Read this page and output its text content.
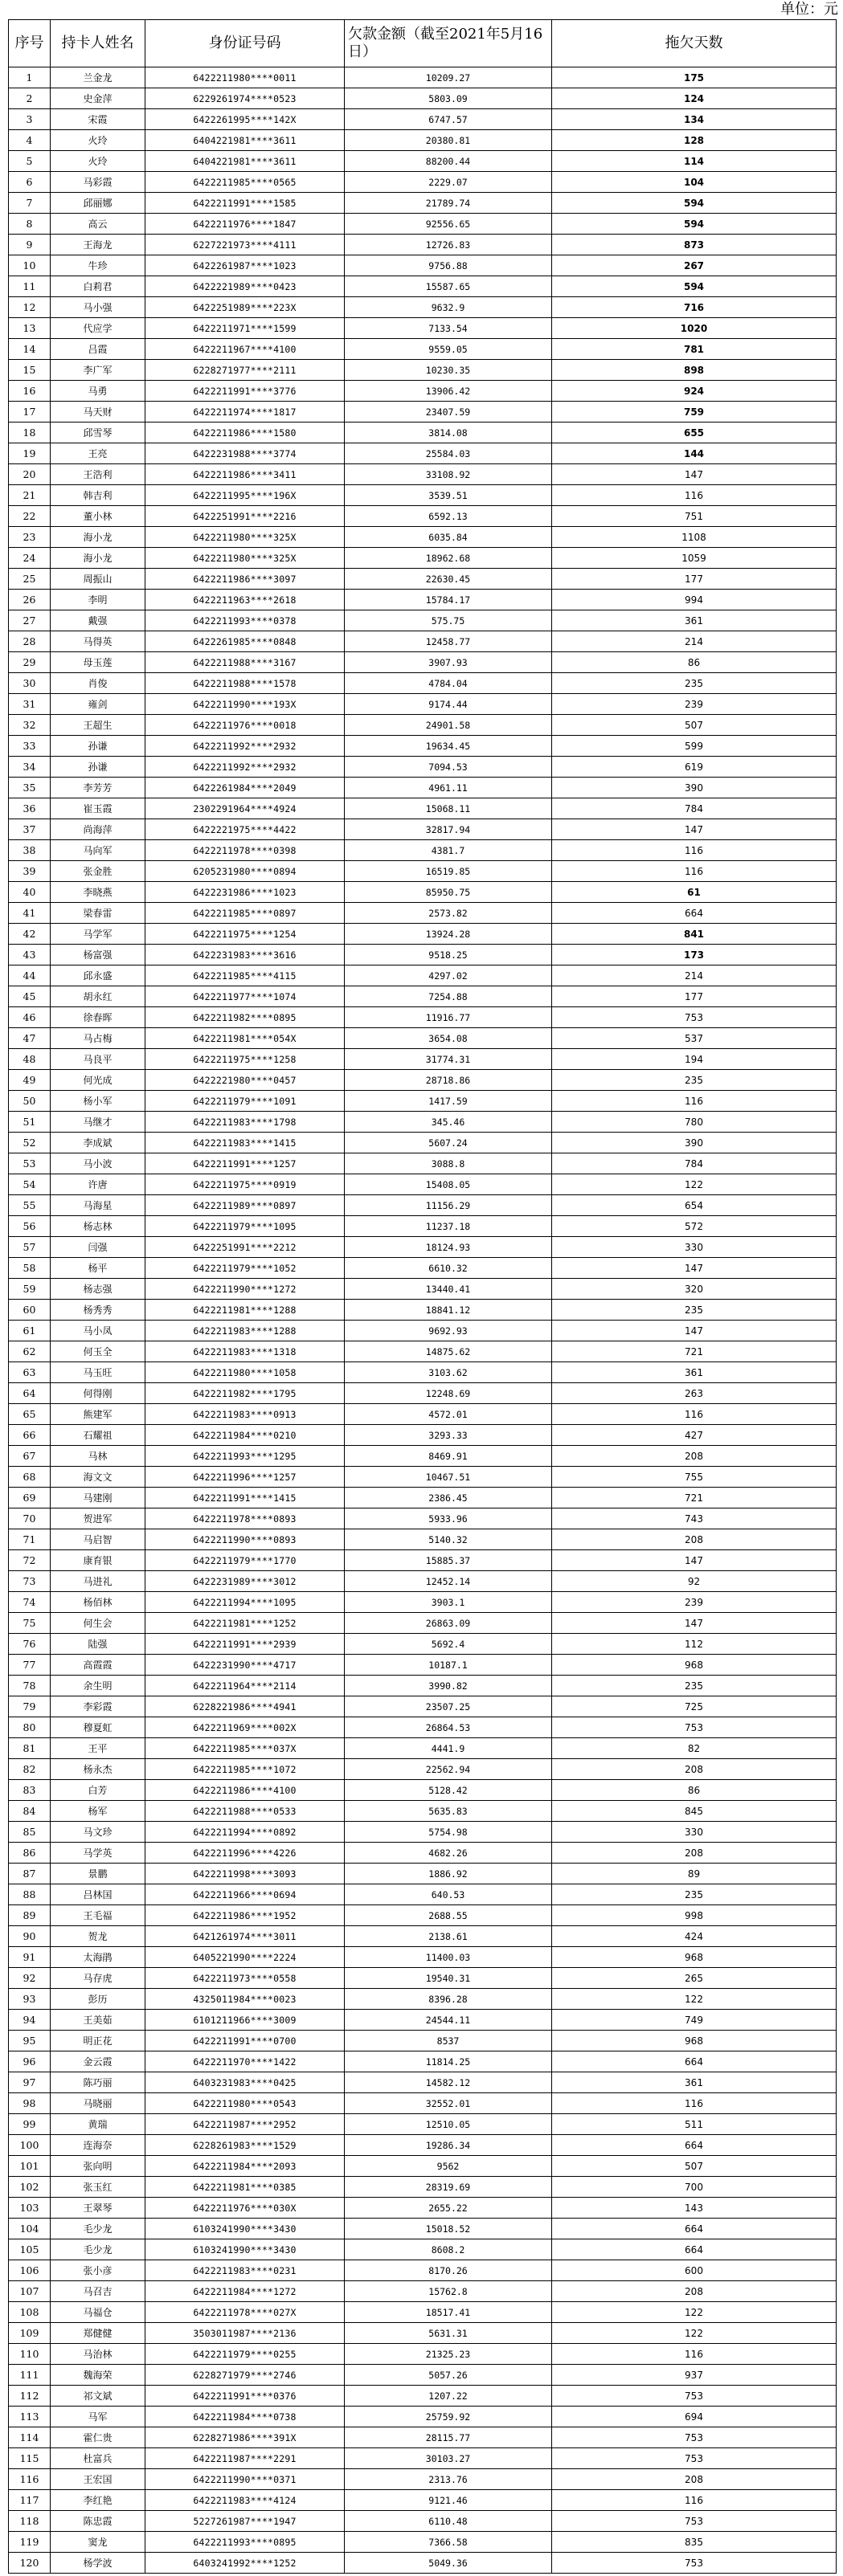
单位：元
序号	持卡人姓名	身份证号码	欠款金额（截至2021年5月16日）	拖欠天数
1	兰金龙	6422211980****0011	10209.27	175
2	史金萍	6229261974****0523	5803.09	124
3	宋霞	6422261995****142X	6747.57	134
4	火玲	6404221981****3611	20380.81	128
5	火玲	6404221981****3611	88200.44	114
6	马彩霞	6422211985****0565	2229.07	104
7	邱丽娜	6422211991****1585	21789.74	594
8	高云	6422211976****1847	92556.65	594
9	王海龙	6227221973****4111	12726.83	873
10	牛珍	6422261987****1023	9756.88	267
11	白莉君	6422221989****0423	15587.65	594
12	马小强	6422251989****223X	9632.9	716
13	代应学	6422211971****1599	7133.54	1020
14	吕霞	6422211967****4100	9559.05	781
15	李广军	6228271977****2111	10230.35	898
16	马勇	6422211991****3776	13906.42	924
17	马天财	6422211974****1817	23407.59	759
18	邱雪琴	6422211986****1580	3814.08	655
19	王亮	6422231988****3774	25584.03	144
20	王浩利	6422211986****3411	33108.92	147
21	韩吉利	6422211995****196X	3539.51	116
22	董小林	6422251991****2216	6592.13	751
23	海小龙	6422211980****325X	6035.84	1108
24	海小龙	6422211980****325X	18962.68	1059
25	周振山	6422211986****3097	22630.45	177
26	李明	6422211963****2618	15784.17	994
27	戴强	6422211993****0378	575.75	361
28	马得英	6422261985****0848	12458.77	214
29	母玉莲	6422211988****3167	3907.93	86
30	肖俊	6422211988****1578	4784.04	235
31	雍剑	6422211990****193X	9174.44	239
32	王超生	6422211976****0018	24901.58	507
33	孙谦	6422211992****2932	19634.45	599
34	孙谦	6422211992****2932	7094.53	619
35	李芳芳	6422261984****2049	4961.11	390
36	崔玉霞	2302291964****4924	15068.11	784
37	尚海萍	6422221975****4422	32817.94	147
38	马向军	6422211978****0398	4381.7	116
39	张金胜	6205231980****0894	16519.85	116
40	李晓燕	6422231986****1023	85950.75	61
41	梁春雷	6422211985****0897	2573.82	664
42	马学军	6422211975****1254	13924.28	841
43	杨富强	6422231983****3616	9518.25	173
44	邱永盛	6422211985****4115	4297.02	214
45	胡永红	6422211977****1074	7254.88	177
46	徐春晖	6422211982****0895	11916.77	753
47	马占梅	6422211981****054X	3654.08	537
48	马良平	6422211975****1258	31774.31	194
49	何光成	6422221980****0457	28718.86	235
50	杨小军	6422211979****1091	1417.59	116
51	马继才	6422211983****1798	345.46	780
52	李成斌	6422211983****1415	5607.24	390
53	马小波	6422211991****1257	3088.8	784
54	许唐	6422211975****0919	15408.05	122
55	马海星	6422211989****0897	11156.29	654
56	杨志林	6422211979****1095	11237.18	572
57	闫强	6422251991****2212	18124.93	330
58	杨平	6422211979****1052	6610.32	147
59	杨志强	6422211990****1272	13440.41	320
60	杨秀秀	6422211981****1288	18841.12	235
61	马小凤	6422211983****1288	9692.93	147
62	何玉全	6422211983****1318	14875.62	721
63	马玉旺	6422211980****1058	3103.62	361
64	何得刚	6422211982****1795	12248.69	263
65	熊建军	6422211983****0913	4572.01	116
66	石耀祖	6422211984****0210	3293.33	427
67	马林	6422211993****1295	8469.91	208
68	海文文	6422211996****1257	10467.51	755
69	马建刚	6422211991****1415	2386.45	721
70	贺进军	6422211978****0893	5933.96	743
71	马启智	6422211990****0893	5140.32	208
72	康育银	6422211979****1770	15885.37	147
73	马进礼	6422231989****3012	12452.14	92
74	杨佰林	6422211994****1095	3903.1	239
75	何生会	6422211981****1252	26863.09	147
76	陆强	6422211991****2939	5692.4	112
77	高霞霞	6422231990****4717	10187.1	968
78	余生明	6422211964****2114	3990.82	235
79	李彩霞	6228221986****4941	23507.25	725
80	穆夏虹	6422211969****002X	26864.53	753
81	王平	6422211985****037X	4441.9	82
82	杨永杰	6422211985****1072	22562.94	208
83	白芳	6422211986****4100	5128.42	86
84	杨军	6422211988****0533	5635.83	845
85	马文珍	6422211994****0892	5754.98	330
86	马学英	6422211996****4226	4682.26	208
87	景鹏	6422211998****3093	1886.92	89
88	吕林国	6422211966****0694	640.53	235
89	王毛福	6422211986****1952	2688.55	998
90	贺龙	6421261974****3011	2138.61	424
91	太海鹃	6405221990****2224	11400.03	968
92	马存虎	6422211973****0558	19540.31	265
93	彭历	4325011984****0023	8396.28	122
94	王美茹	6101211966****3009	24544.11	749
95	明正花	6422211991****0700	8537	968
96	金云霞	6422211970****1422	11814.25	664
97	陈巧丽	6403231983****0425	14582.12	361
98	马晓丽	6422211980****0543	32552.01	116
99	黄瑞	6422211987****2952	12510.05	511
100	连海奈	6228261983****1529	19286.34	664
101	张向明	6422211984****2093	9562	507
102	张玉红	6422211981****0385	28319.69	700
103	王翠琴	6422211976****030X	2655.22	143
104	毛少龙	6103241990****3430	15018.52	664
105	毛少龙	6103241990****3430	8608.2	664
106	张小彦	6422211983****0231	8170.26	600
107	马召吉	6422211984****1272	15762.8	208
108	马福仓	6422211978****027X	18517.41	122
109	郑健健	3503011987****2136	5631.31	122
110	马治林	6422211979****0255	21325.23	116
111	魏海荣	6228271979****2746	5057.26	937
112	祁文斌	6422211991****0376	1207.22	753
113	马军	6422211984****0738	25759.92	694
114	霍仁贵	6228271986****391X	28115.77	753
115	杜富兵	6422211987****2291	30103.27	753
116	王宏国	6422211990****0371	2313.76	208
117	李红艳	6422211983****4124	9121.46	116
118	陈忠霞	5227261987****1947	6110.48	753
119	窦龙	6422211993****0895	7366.58	835
120	杨学波	6403241992****1252	5049.36	753
